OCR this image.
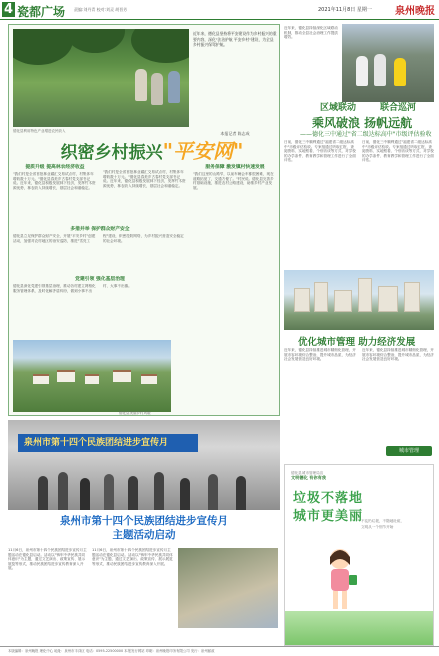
4 瓷都广场 责编:刘丹青 校对:刘灵 胡晋芳	2021年11月8日 星期一 泉州晚报
德化县利用特色产业增进农民收入
近年来，德化县坚持将平安建设作为乡村振兴的重要内容，深化"法治护航 平安乡村"建设，为全县乡村振兴保驾护航。
本报记者 陈志成
织密乡村振兴"平安网"
提质升级 提高林农经济收益
"我们村是全省首批林业碳汇交易试点村，村集体年增收数十万元。"德化县春美乡古春村党支部书记说。近年来，德化县积极发展林下经济，发挥竹木资源优势，林农收入持续增长，基层社会和谐稳定。
"我们村是全省首批林业碳汇交易试点村，村集体年增收数十万元。"德化县春美乡古春村党支部书记说。近年来，德化县积极发展林下经济，发挥竹木资源优势，林农收入持续增长，基层社会和谐稳定。
多措并举 保护群众财产安全
德化县立足保护群众财产安全，开展"平安乡村"创建活动，加强对农村地区的治安巡防，推进"雪亮工程"建设，织密技防网络，为乡村振兴营造安全稳定的社会环境。
党建引领 强化基层治理
德化县深化党建引领基层治理，推动各村建立网格化服务管理体系，及时化解矛盾纠纷，做到小事不出村、大事不出镇。
服务保障 激发镇村快速发展
"我们这里的山路窄，以前车辆会车都很困难，现在道路拓宽了，交通方便了。"村民说。德化县完善乡村基础设施，推进农村公路建设，助推乡村产业发展。
德化县美丽乡村风貌
泉州市第十四个民族团结进步宣传月
泉州市第十四个民族团结进步宣传月
主题活动启动
11月6日，泉州市第十四个民族团结进步宣传月主题活动在德化县启动。活动以"铸牢中华民族共同体意识"为主题，通过文艺演出、政策宣传、展示展览等形式，推动民族团结进步宣传教育深入开展。
11月6日，泉州市第十四个民族团结进步宣传月主题活动在德化县启动。活动以"铸牢中华民族共同体意识"为主题，通过文艺演出、政策宣传、展示展览等形式，推动民族团结进步宣传教育深入开展。
近年来，德化县持续深化区域联动机制，推动全县社会治理工作提质增效。
区域联动	联合巡河
乘风破浪 扬帆远航
——德化三中通过"省二级达标高中"市级评估验收
日前，德化三中顺利通过"福建省二级达标高中"市级评估验收。专家组通过听取汇报、查阅资料、实地察看、个别访谈等方式，对学校的办学条件、教育教学和管理工作进行了全面评估。
日前，德化三中顺利通过"福建省二级达标高中"市级评估验收。专家组通过听取汇报、查阅资料、实地察看、个别访谈等方式，对学校的办学条件、教育教学和管理工作进行了全面评估。
优化城市管理 助力经济发展
近年来，德化县持续推进城市精细化管理，开展市容环境综合整治，提升城市品质，为经济社会发展营造良好环境。
近年来，德化县持续推进城市精细化管理，开展市容环境综合整治，提升城市品质，为经济社会发展营造良好环境。
城市管理
德化县城市管理局宣
文明德化 有你有我
垃圾不落地
城市更美丽
不乱扔垃圾，不随地吐痰，
文明从一个细节开始
本版编辑：泉州晚报 理化中心 地址：泉州市丰泽区 电话：0595-22500000 本报发行网站 印刷：泉州晚报印务有限公司 发行：泉州邮政
